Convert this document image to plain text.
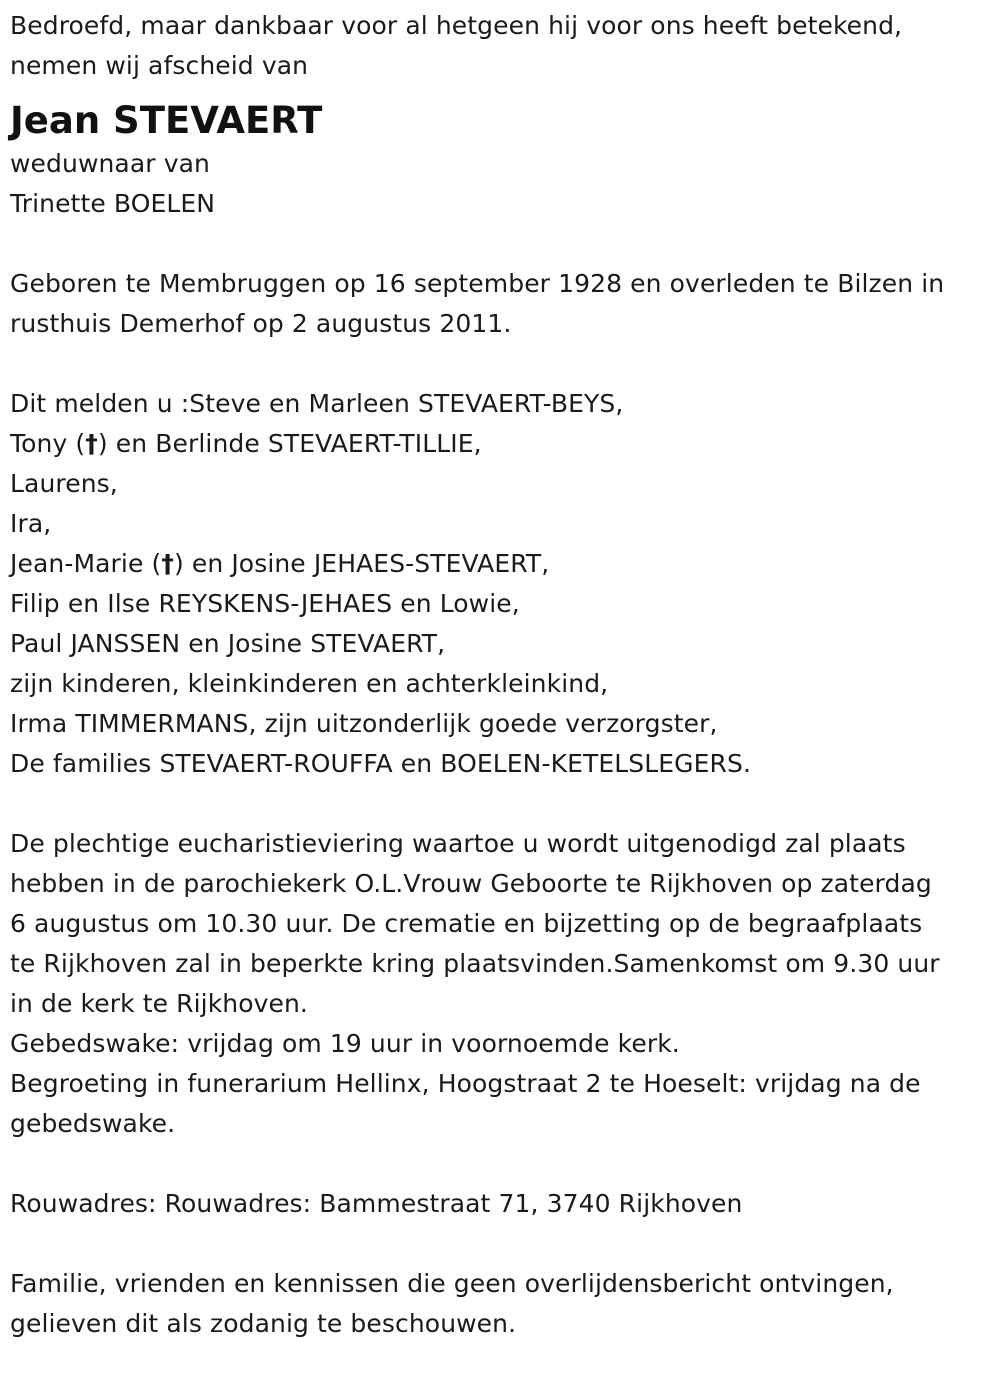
Bedroefd, maar dankbaar voor al hetgeen hij voor ons heeft betekend,

nemen wij afscheid van

Jean STEVAERT

weduwnaar van

Trinette BOELEN

Geboren te Membruggen op 16 september 1928 en overleden te Bilzen in

rusthuis Demerhof op 2 augustus 2011.

Dit melden u :Steve en Marleen STEVAERT-BEYS,

Tony (†) en Berlinde STEVAERT-TILLIE,

Laurens,

Ira,

Jean-Marie (†) en Josine JEHAES-STEVAERT,

Filip en Ilse REYSKENS-JEHAES en Lowie,

Paul JANSSEN en Josine STEVAERT,

zijn kinderen, kleinkinderen en achterkleinkind,

Irma TIMMERMANS, zijn uitzonderlijk goede verzorgster,

De families STEVAERT-ROUFFA en BOELEN-KETELSLEGERS.

De plechtige eucharistieviering waartoe u wordt uitgenodigd zal plaats

hebben in de parochiekerk O.L.Vrouw Geboorte te Rijkhoven op zaterdag

6 augustus om 10.30 uur. De crematie en bijzetting op de begraafplaats

te Rijkhoven zal in beperkte kring plaatsvinden.Samenkomst om 9.30 uur

in de kerk te Rijkhoven.

Gebedswake: vrijdag om 19 uur in voornoemde kerk.

Begroeting in funerarium Hellinx, Hoogstraat 2 te Hoeselt: vrijdag na de

gebedswake.

Rouwadres: Rouwadres: Bammestraat 71, 3740 Rijkhoven

Familie, vrienden en kennissen die geen overlijdensbericht ontvingen,

gelieven dit als zodanig te beschouwen.
